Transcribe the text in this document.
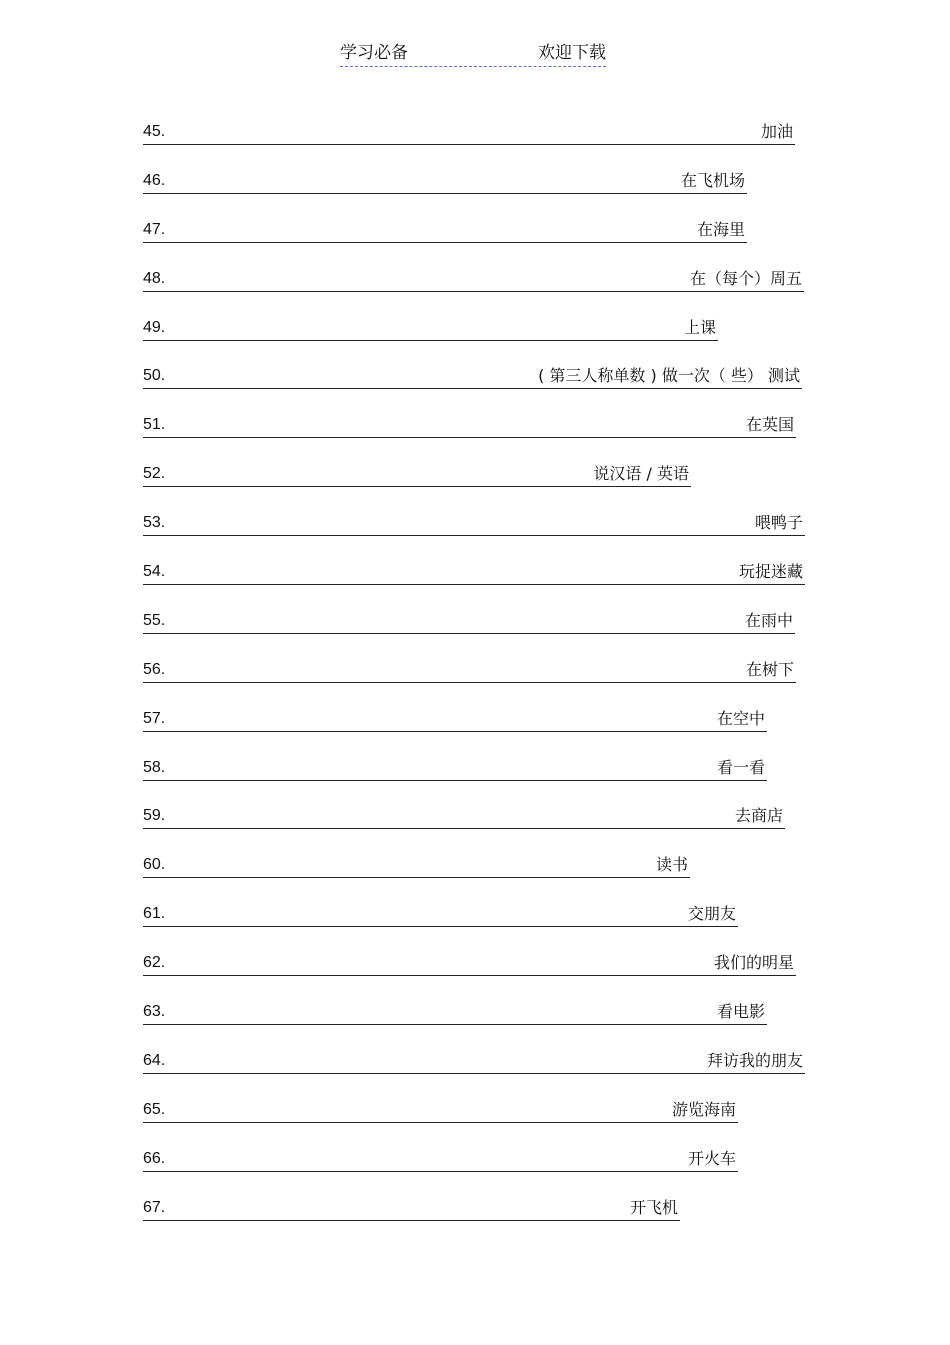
学习必备	欢迎下载
45.	加油
46.	在飞机场
47.	在海里
48.	在（每个）周五
49.	上课
50.	( 第三人称单数 ) 做一次（ 些） 测试
51.	在英国
52.	说汉语 / 英语
53.	喂鸭子
54.	玩捉迷藏
55.	在雨中
56.	在树下
57.	在空中
58.	看一看
59.	去商店
60.	读书
61.	交朋友
62.	我们的明星
63.	看电影
64.	拜访我的朋友
65.	游览海南
66.	开火车
67.	开飞机
